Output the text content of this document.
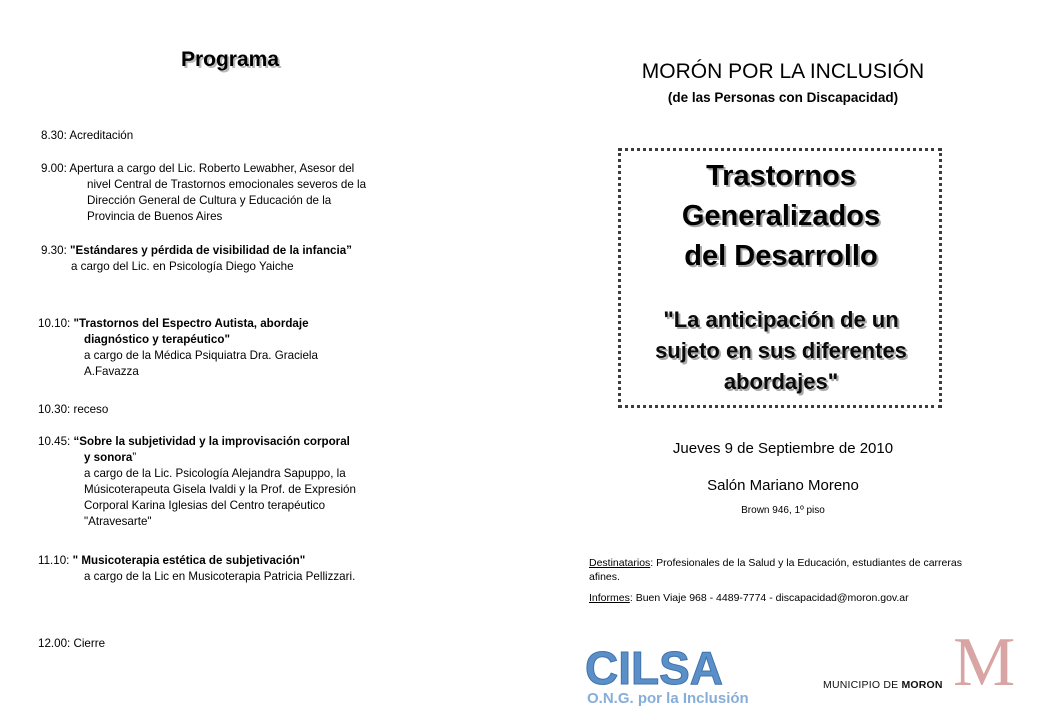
Programa
8.30: Acreditación
9.00: Apertura a cargo del Lic. Roberto Lewabher, Asesor del
nivel Central de Trastornos emocionales severos de la
Dirección General de Cultura y Educación de la
Provincia de Buenos Aires
9.30: "Estándares y pérdida de visibilidad de la infancia”
a cargo del Lic. en Psicología Diego Yaiche
10.10: "Trastornos del Espectro Autista, abordaje
diagnóstico y terapéutico"
a cargo de la Médica Psiquiatra Dra. Graciela
A.Favazza
10.30: receso
10.45: “Sobre la subjetividad y la improvisación corporal
y sonora”
a cargo de la Lic. Psicología Alejandra Sapuppo, la
Músicoterapeuta Gisela Ivaldi y la Prof. de Expresión
Corporal Karina Iglesias del Centro terapéutico
"Atravesarte"
11.10: " Musicoterapia estética de subjetivación"
a cargo de la Lic en Musicoterapia Patricia Pellizzari.
12.00: Cierre
MORÓN POR LA INCLUSIÓN
(de las Personas con Discapacidad)
Trastornos
Generalizados
del Desarrollo
"La anticipación de un
sujeto en sus diferentes
abordajes"
Jueves 9 de Septiembre de 2010
Salón Mariano Moreno
Brown 946, 1º piso
Destinatarios: Profesionales de la Salud y la Educación, estudiantes de carreras afines.
Informes: Buen Viaje 968 - 4489-7774 - discapacidad@moron.gov.ar
CILSA
O.N.G. por la Inclusión
MUNICIPIO DE MORON M
